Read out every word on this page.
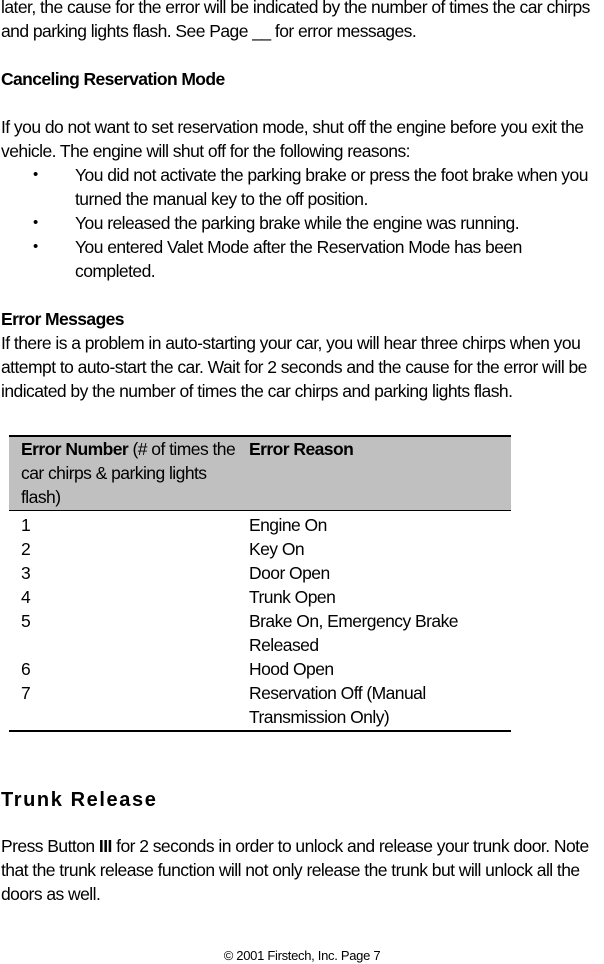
later, the cause for the error will be indicated by the number of times the car chirps and parking lights flash. See Page __ for error messages.

Canceling Reservation Mode

If you do not want to set reservation mode, shut off the engine before you exit the vehicle. The engine will shut off for the following reasons:

• You did not activate the parking brake or press the foot brake when you turned the manual key to the off position.
• You released the parking brake while the engine was running.
• You entered Valet Mode after the Reservation Mode has been completed.

Error Messages

If there is a problem in auto-starting your car, you will hear three chirps when you attempt to auto-start the car. Wait for 2 seconds and the cause for the error will be indicated by the number of times the car chirps and parking lights flash.

Error Number (# of times the car chirps & parking lights flash)	Error Reason
1	Engine On
2	Key On
3	Door Open
4	Trunk Open
5	Brake On, Emergency Brake Released
6	Hood Open
7	Reservation Off (Manual Transmission Only)
Trunk Release

Press Button III for 2 seconds in order to unlock and release your trunk door. Note that the trunk release function will not only release the trunk but will unlock all the doors as well.

© 2001 Firstech, Inc. Page 7
